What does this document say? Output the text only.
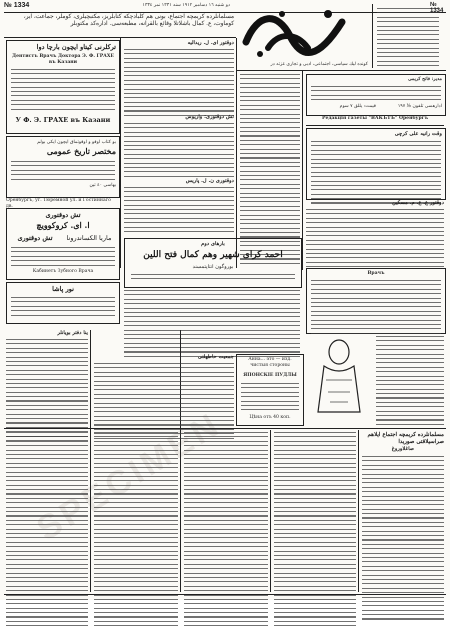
№ 1334	دو شنبه ۱٦ دسامبر ۱۹۱۲ سنه ۱۳۳۱ نمر ۱۳۳٤
مسلمانلرده کریمچه اجتماع، بونی هم کلبادچکه کتابلریز، مکتبچیلری، کوملر، جماعت، ایر، کوماوت، ع. کمال باشلاتلا وقائع بالقرانه، مطبعه‌سی. اداره‌کد مکتوبلر
کونده لیك سیاسی، اجتماعی، ادبی و تجاری غزته در
№ 1334
ترکلرنی کیتاو ایچون بارچا دوا
Дентистъ Врачъ Доктора Э. Ф. ГРАХЕ въ Казани
У Ф. Э. ГРАХЕ въ Казани
بو کتاب اوقو و اوقوتماق ایچون ایکی بولم
مختصر تاریخ عمومی
بهاسی ٤٠ تین
Оренбургъ, уг. Тюремной ул. и Гостиннаго дв.
تش دوقتوری
ا. ای. کروکوویچ
تش دوقتوری	ماریا الکساندرونا
Кабинетъ Зубного Врача
نور پاشا
دوقتور ای. ل. ریدالیه
تش دوقتوری: واریوس
دوقتوری ن. ل. پاریس
مدیر: فاتح کریمی
قیمت: یللق ۷ سوم	ادارهسی تلفون № ۱۹۷
Редакція газеты "ВАКЪТЪ" Оренбургъ
وقت رانیه علی کرچی
دوقتور ع. ع. م. مسکین
بارهای دوم
احمد کرای شهیر وهم کمال فتح اللین
بوروگون انتاپتمسند
Врачъ
Анна... это — изд. чистыя стороны
ЯПОНСКІЕ ПУДЛЫ
Цѣна отъ 40 коп.
ینا دفتر بویانلر
جمعیت حاطهلنی
مسلمانلرده کریمچه اجتماع ایلاهم صراسیلاقتی صوریدا
صاغلاوروغ
